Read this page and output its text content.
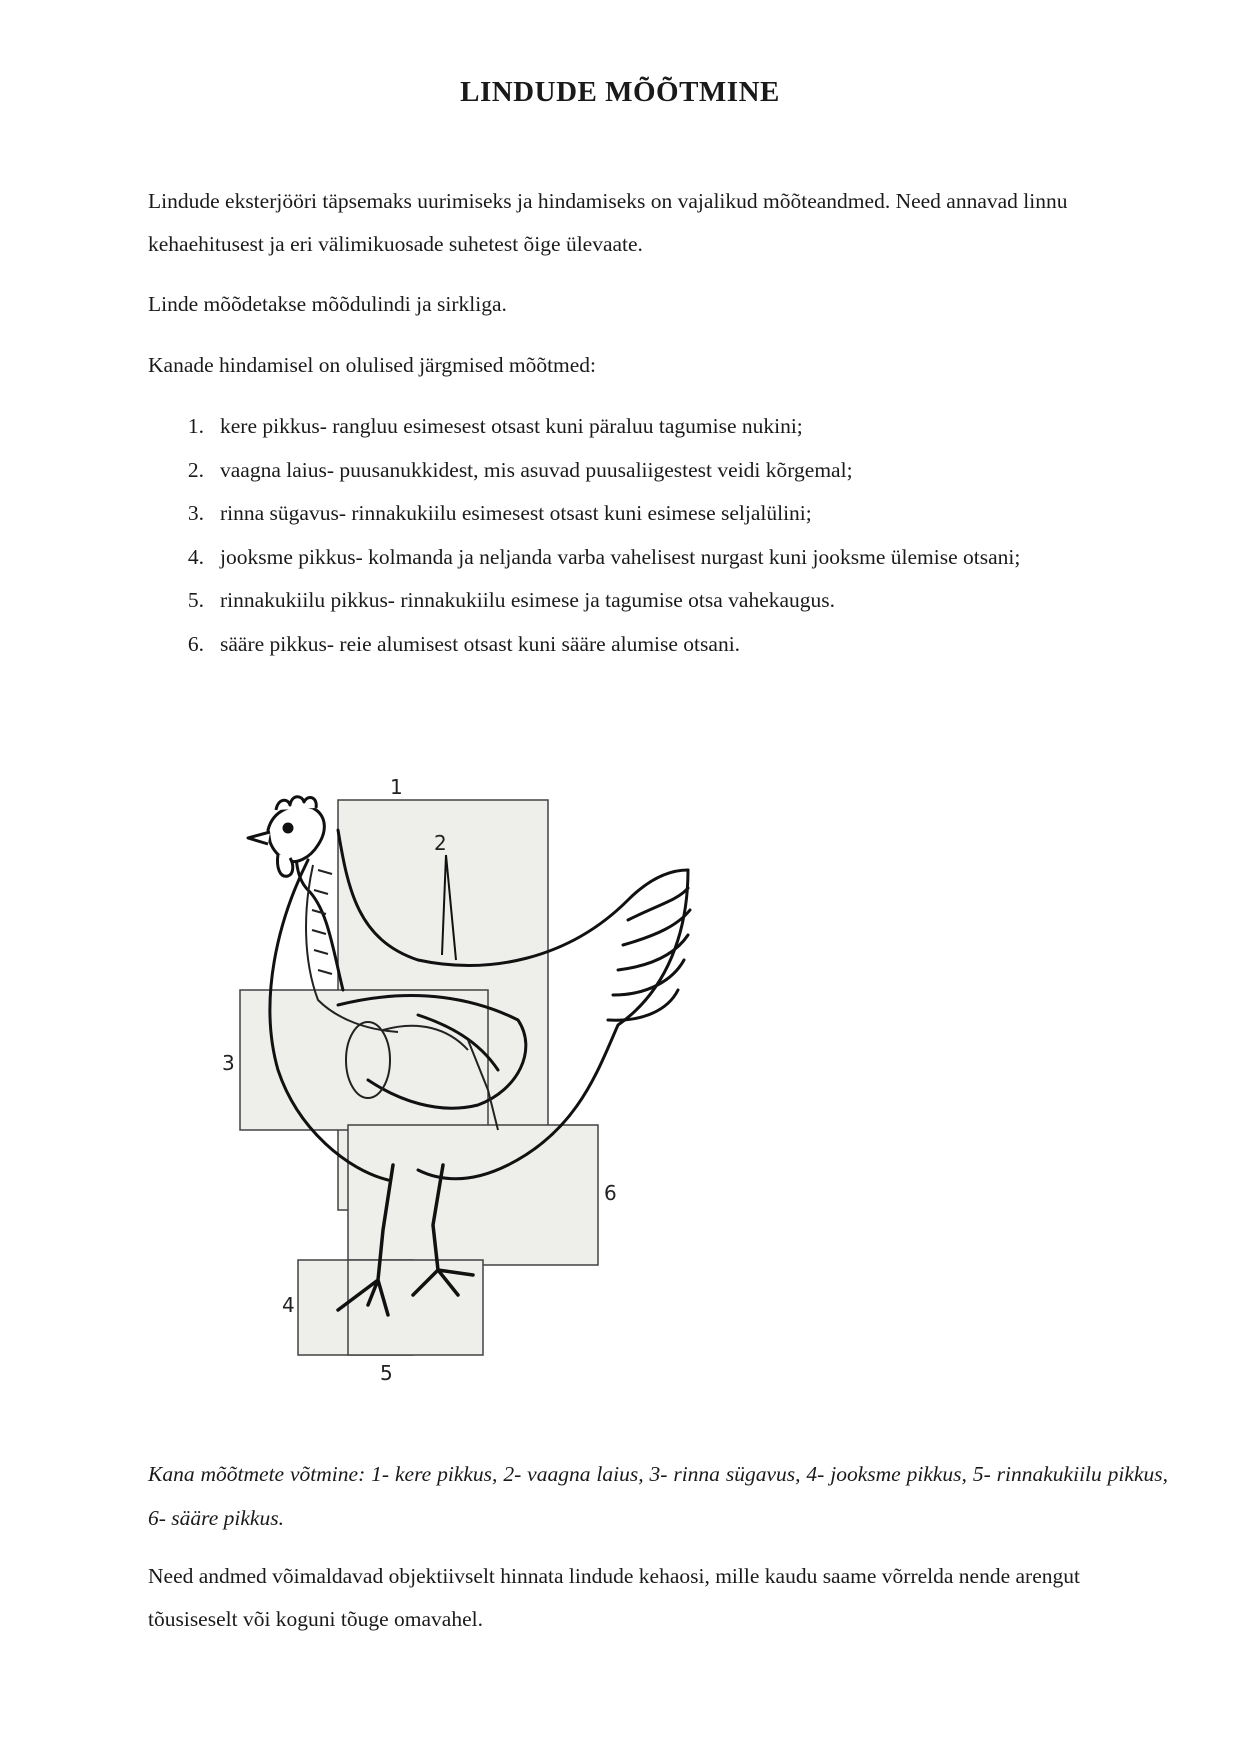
LINDUDE MÕÕTMINE

Lindude eksterjööri täpsemaks uurimiseks ja hindamiseks on vajalikud mõõteandmed. Need annavad linnu kehaehitusest ja eri välimikuosade suhetest õige ülevaate.

Linde mõõdetakse mõõdulindi ja sirkliga.

Kanade hindamisel on olulised järgmised mõõtmed:

1. kere pikkus- rangluu esimesest otsast kuni päraluu tagumise nukini;
2. vaagna laius- puusanukkidest, mis asuvad puusaliigestest veidi kõrgemal;
3. rinna sügavus- rinnakukiilu esimesest otsast kuni esimese seljalülini;
4. jooksme pikkus- kolmanda ja neljanda varba vahelisest nurgast kuni jooksme ülemise otsani;
5. rinnakukiilu pikkus- rinnakukiilu esimese ja tagumise otsa vahekaugus.
6. sääre pikkus- reie alumisest otsast kuni sääre alumise otsani.
1
2
3
4
5
6

Kana mõõtmete võtmine: 1- kere pikkus, 2- vaagna laius, 3- rinna sügavus, 4- jooksme pikkus, 5- rinnakukiilu pikkus, 6- sääre pikkus.

Need andmed võimaldavad objektiivselt hinnata lindude kehaosi, mille kaudu saame võrrelda nende arengut tõusiseselt või koguni tõuge omavahel.
